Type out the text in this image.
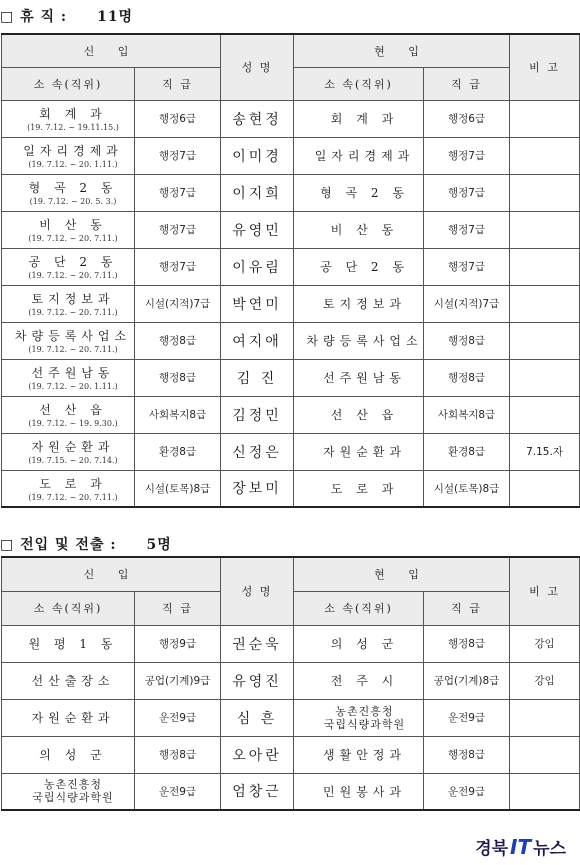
□ 휴 직 : 11명
신 입		성 명	현 입		비 고
소 속(직위)	직 급		소 속(직위)	직 급	

회 계 과
(19. 7.12. ~ 19.11.15.)	행정6급	송현정	회 계 과	행정6급	

일자리경제과
(19. 7.12. ~ 20. 1.11.)	행정7급	이미경	일자리경제과	행정7급	

형 곡 2 동
(19. 7.12. ~ 20. 5. 3.)	행정7급	이지희	형 곡 2 동	행정7급	

비 산 동
(19. 7.12. ~ 20. 7.11.)	행정7급	유영민	비 산 동	행정7급	

공 단 2 동
(19. 7.12. ~ 20. 7.11.)	행정7급	이유림	공 단 2 동	행정7급	

토지정보과
(19. 7.12. ~ 20. 7.11.)	시설(지적)7급	박연미	토지정보과	시설(지적)7급	

차량등록사업소
(19. 7.12. ~ 20. 7.11.)	행정8급	여지애	차량등록사업소	행정8급	

선주원남동
(19. 7.12. ~ 20. 1.11.)	행정8급	김 진	선주원남동	행정8급	

선 산 읍
(19. 7.12. ~ 19. 9.30.)	사회복지8급	김정민	선 산 읍	사회복지8급	

자원순환과
(19. 7.15. ~ 20. 7.14.)	환경8급	신정은	자원순환과	환경8급	7.15.자

도 로 과
(19. 7.12. ~ 20. 7.11.)	시설(토목)8급	장보미	도 로 과	시설(토목)8급	
□ 전입 및 전출 : 5명
신 입		성 명	현 입		비 고
소 속(직위)	직 급		소 속(직위)	직 급	

원 평 1 동	행정9급	권순욱	의 성 군	행정8급	강임

선산출장소	공업(기계)9급	유영진	전 주 시	공업(기계)8급	강임

자원순환과	운전9급	심 흔	농촌진흥청
국립식량과학원	운전9급	

의 성 군	행정8급	오아란	생활안정과	행정8급	

농촌진흥청
국립식량과학원	운전9급	엄창근	민원봉사과	운전9급	
경북 IT 뉴스
